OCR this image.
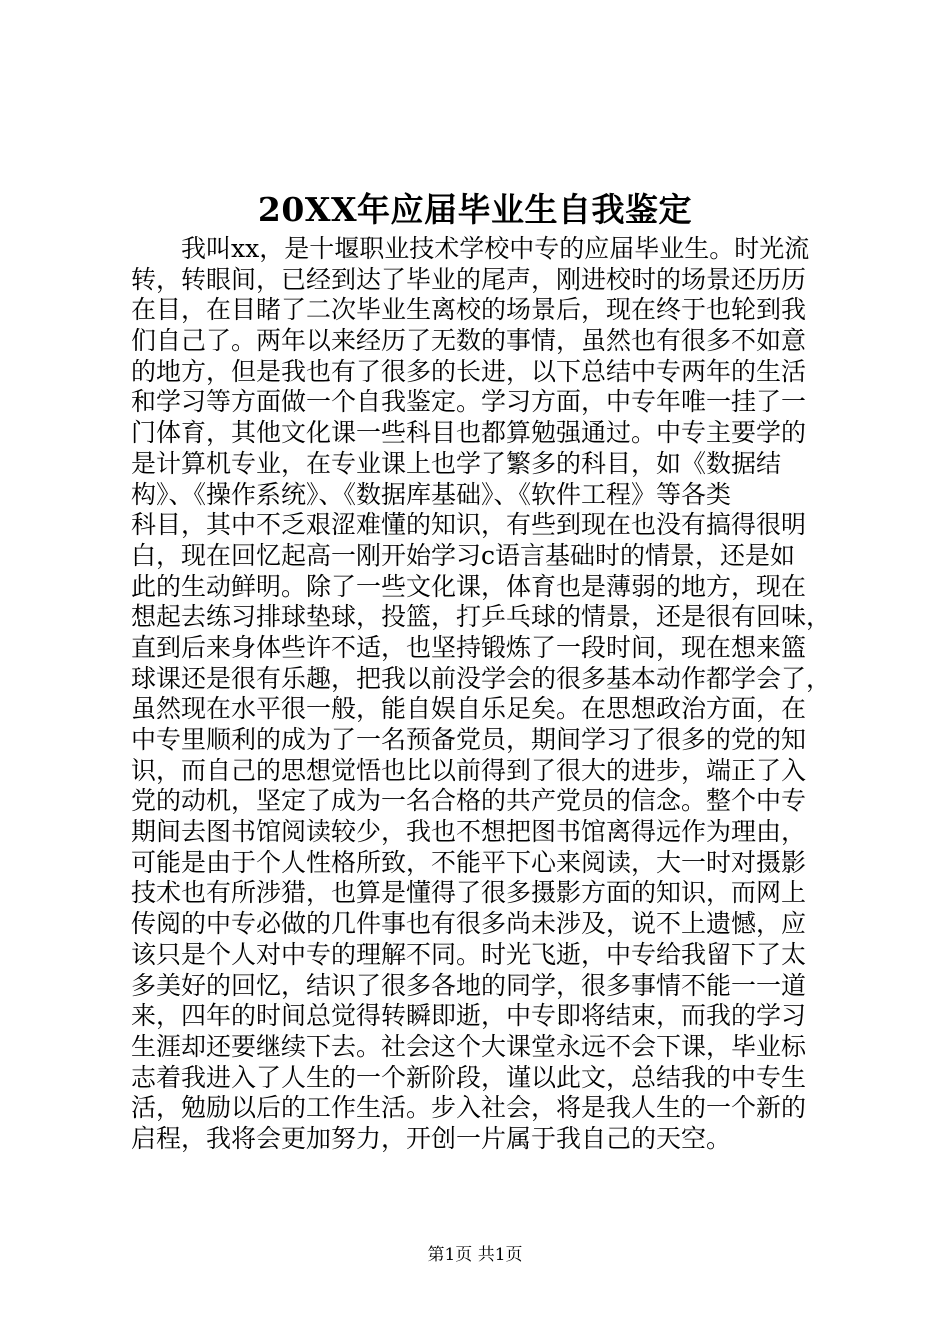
20XX年应届毕业生自我鉴定
　　我叫xx，是十堰职业技术学校中专的应届毕业生。时光流
转，转眼间，已经到达了毕业的尾声，刚进校时的场景还历历
在目，在目睹了二次毕业生离校的场景后，现在终于也轮到我
们自己了。两年以来经历了无数的事情，虽然也有很多不如意
的地方，但是我也有了很多的长进，以下总结中专两年的生活
和学习等方面做一个自我鉴定。学习方面，中专年唯一挂了一
门体育，其他文化课一些科目也都算勉强通过。中专主要学的
是计算机专业，在专业课上也学了繁多的科目，如《数据结
构》、《操作系统》、《数据库基础》、《软件工程》等各类
科目，其中不乏艰涩难懂的知识，有些到现在也没有搞得很明
白，现在回忆起高一刚开始学习c语言基础时的情景，还是如
此的生动鲜明。除了一些文化课，体育也是薄弱的地方，现在
想起去练习排球垫球，投篮，打乒乓球的情景，还是很有回味，
直到后来身体些许不适，也坚持锻炼了一段时间，现在想来篮
球课还是很有乐趣，把我以前没学会的很多基本动作都学会了，
虽然现在水平很一般，能自娱自乐足矣。在思想政治方面，在
中专里顺利的成为了一名预备党员，期间学习了很多的党的知
识，而自己的思想觉悟也比以前得到了很大的进步，端正了入
党的动机，坚定了成为一名合格的共产党员的信念。整个中专
期间去图书馆阅读较少，我也不想把图书馆离得远作为理由，
可能是由于个人性格所致，不能平下心来阅读，大一时对摄影
技术也有所涉猎，也算是懂得了很多摄影方面的知识，而网上
传阅的中专必做的几件事也有很多尚未涉及，说不上遗憾，应
该只是个人对中专的理解不同。时光飞逝，中专给我留下了太
多美好的回忆，结识了很多各地的同学，很多事情不能一一道
来，四年的时间总觉得转瞬即逝，中专即将结束，而我的学习
生涯却还要继续下去。社会这个大课堂永远不会下课，毕业标
志着我进入了人生的一个新阶段，谨以此文，总结我的中专生
活，勉励以后的工作生活。步入社会，将是我人生的一个新的
启程，我将会更加努力，开创一片属于我自己的天空。
第1页 共1页
